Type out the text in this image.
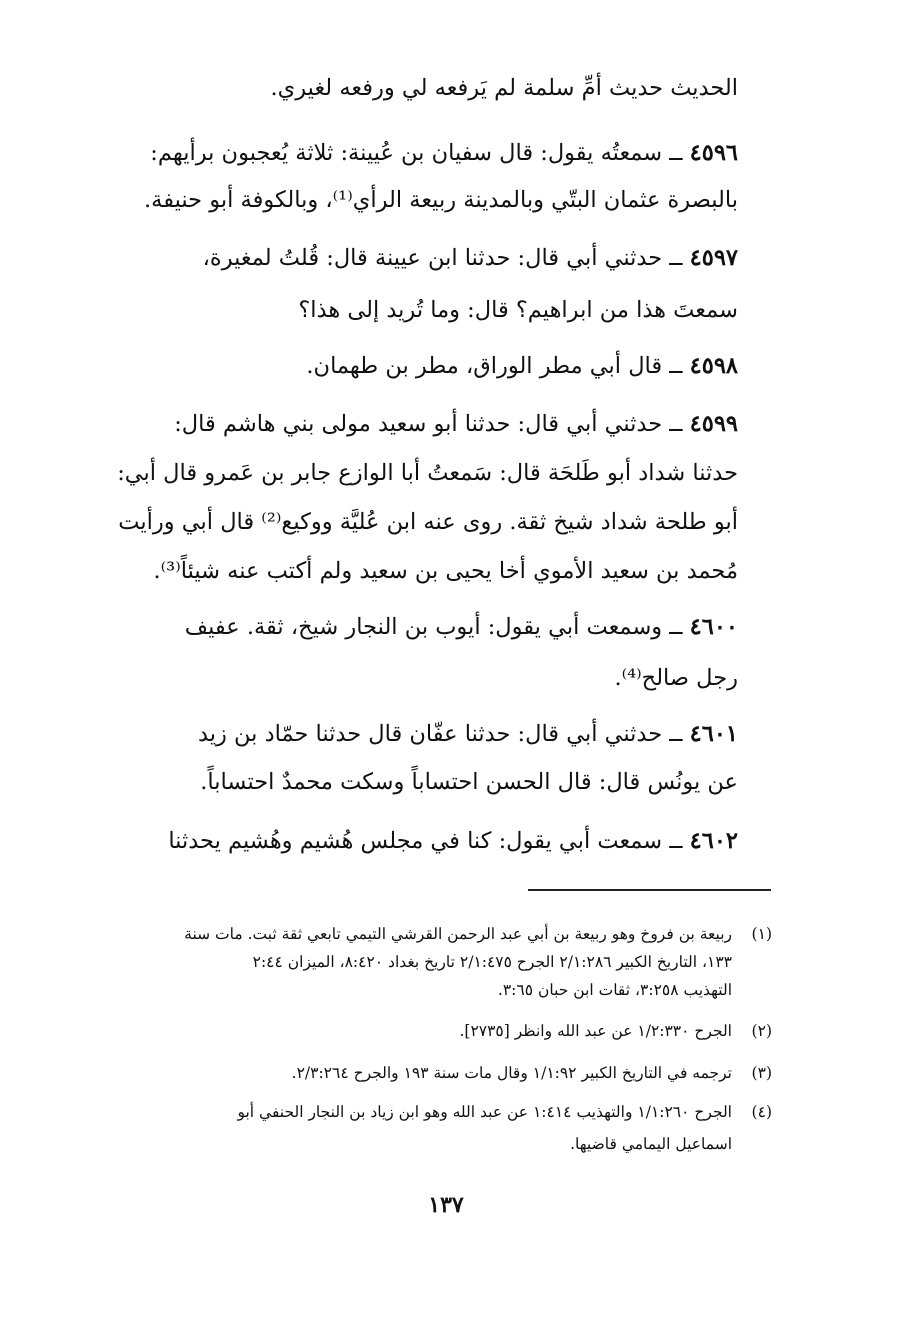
الحديث حديث أمِّ سلمة لم يَرفعه لي ورفعه لغيري.
٤٥٩٦ ــ سمعتُه يقول: قال سفيان بن عُيينة: ثلاثة يُعجبون برأيهم:
بالبصرة عثمان البتّي وبالمدينة ربيعة الرأي⁽¹⁾، وبالكوفة أبو حنيفة.
٤٥٩٧ ــ حدثني أبي قال: حدثنا ابن عيينة قال: قُلتُ لمغيرة،
سمعتَ هذا من ابراهيم؟ قال: وما تُريد إلى هذا؟
٤٥٩٨ ــ قال أبي مطر الوراق، مطر بن طهمان.
٤٥٩٩ ــ حدثني أبي قال: حدثنا أبو سعيد مولى بني هاشم قال:
حدثنا شداد أبو طَلحَة قال: سَمعتُ أبا الوازع جابر بن عَمرو قال أبي:
أبو طلحة شداد شيخ ثقة. روى عنه ابن عُليَّة ووكيع⁽²⁾ قال أبي ورأيت
مُحمد بن سعيد الأموي أخا يحيى بن سعيد ولم أكتب عنه شيئاً⁽³⁾.
٤٦٠٠ ــ وسمعت أبي يقول: أيوب بن النجار شيخ، ثقة. عفيف
رجل صالح⁽⁴⁾.
٤٦٠١ ــ حدثني أبي قال: حدثنا عفّان قال حدثنا حمّاد بن زيد
عن يونُس قال: قال الحسن احتساباً وسكت محمدٌ احتساباً.
٤٦٠٢ ــ سمعت أبي يقول: كنا في مجلس هُشيم وهُشيم يحدثنا
(١)ربيعة بن فروخ وهو ربيعة بن أبي عبد الرحمن القرشي التيمي تابعي ثقة ثبت. مات سنة
١٣٣، التاريخ الكبير ٢/١:٢٨٦ الجرح ٢/١:٤٧٥ تاريخ بغداد ٨:٤٢٠، الميزان ٢:٤٤
التهذيب ٣:٢٥٨، ثقات ابن حبان ٣:٦٥.
(٢)الجرح ١/٢:٣٣٠ عن عبد الله وانظر [٢٧٣٥].
(٣)ترجمه في التاريخ الكبير ١/١:٩٢ وقال مات سنة ١٩٣ والجرح ٢/٣:٢٦٤.
(٤)الجرح ١/١:٢٦٠ والتهذيب ١:٤١٤ عن عبد الله وهو ابن زياد بن النجار الحنفي أبو
اسماعيل اليمامي قاضيها.
١٣٧
